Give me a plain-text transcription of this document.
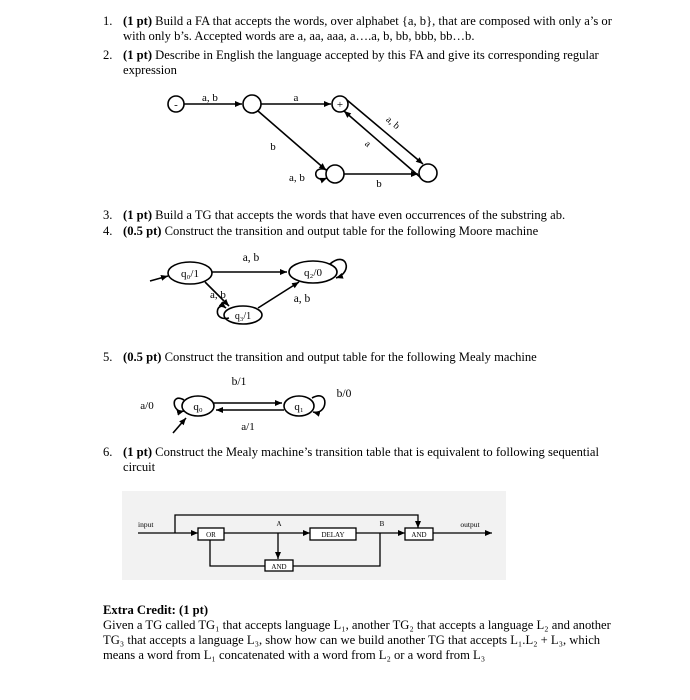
1. (1 pt) Build a FA that accepts the words, over alphabet {a, b}, that are composed with only a’s or with only b’s. Accepted words are a, aa, aaa, a….a, b, bb, bbb, bb…b.
2. (1 pt) Describe in English the language accepted by this FA and give its corresponding regular expression
3. (1 pt) Build a TG that accepts the words that have even occurrences of the substring ab.
4. (0.5 pt) Construct the transition and output table for the following Moore machine
5. (0.5 pt) Construct the transition and output table for the following Mealy machine
6. (1 pt) Construct the Mealy machine’s transition table that is equivalent to following sequential circuit
Extra Credit: (1 pt)
Given a TG called TG₁ that accepts language L₁, another TG₂ that accepts a language L₂ and another TG₃ that accepts a language L₃, show how can we build another TG that accepts L₁.L₂ + L₃, which means a word from L₁ concatenated with a word from L₂ or a word from L₃
-	+
a, b	a
b
a, b
a
a, b	b
q₀/1	q₂/0
q₃/1
a, b
a, b	a, b
q₀	q₁
b/1
a/1
a/0
b/0
input	output
OR	DELAY	AND
AND
A	B
